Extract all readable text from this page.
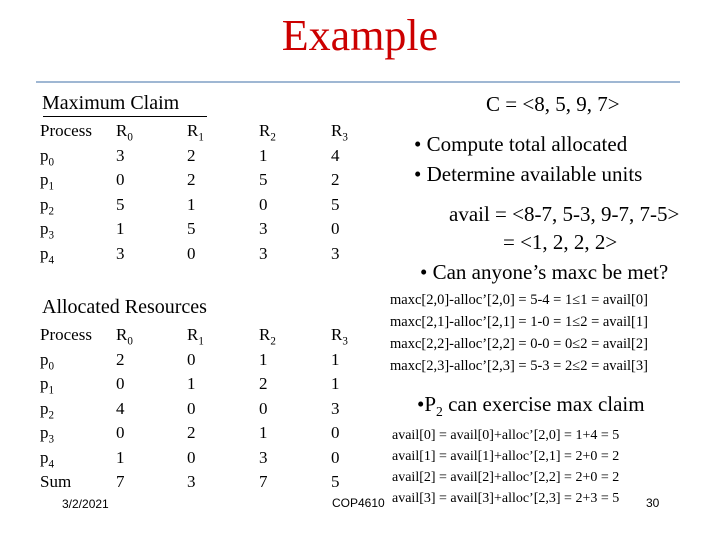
Example
Maximum Claim
Process
$p_0$
$p_1$
$p_2$
$p_3$
$p_4$
$R_0$
3
0
5
1
3
$R_1$
2
2
1
5
0
$R_2$
1
5
0
3
3
$R_3$
4
2
5
0
3
C = <8, 5, 9, 7>
• Compute total allocated
• Determine available units
avail = <8-7, 5-3, 9-7, 7-5>
= <1, 2, 2, 2>
• Can anyone’s maxc be met?
Allocated Resources
Process
$p_0$
$p_1$
$p_2$
$p_3$
$p_4$
Sum
$R_0$
2
0
4
0
1
7
$R_1$
0
1
0
2
0
3
$R_2$
1
2
0
1
3
7
$R_3$
1
1
3
0
0
5
maxc[2,0]-alloc’[2,0] = 5-4 = 1≤1 = avail[0]
maxc[2,1]-alloc’[2,1] = 1-0 = 1≤2 = avail[1]
maxc[2,2]-alloc’[2,2] = 0-0 = 0≤2 = avail[2]
maxc[2,3]-alloc’[2,3] = 5-3 = 2≤2 = avail[3]
$•P_2$ can exercise max claim
avail[0] = avail[0]+alloc’[2,0] = 1+4 = 5
avail[1] = avail[1]+alloc’[2,1] = 2+0 = 2
avail[2] = avail[2]+alloc’[2,2] = 2+0 = 2
avail[3] = avail[3]+alloc’[2,3] = 2+3 = 5
3/2/2021	COP4610	30
